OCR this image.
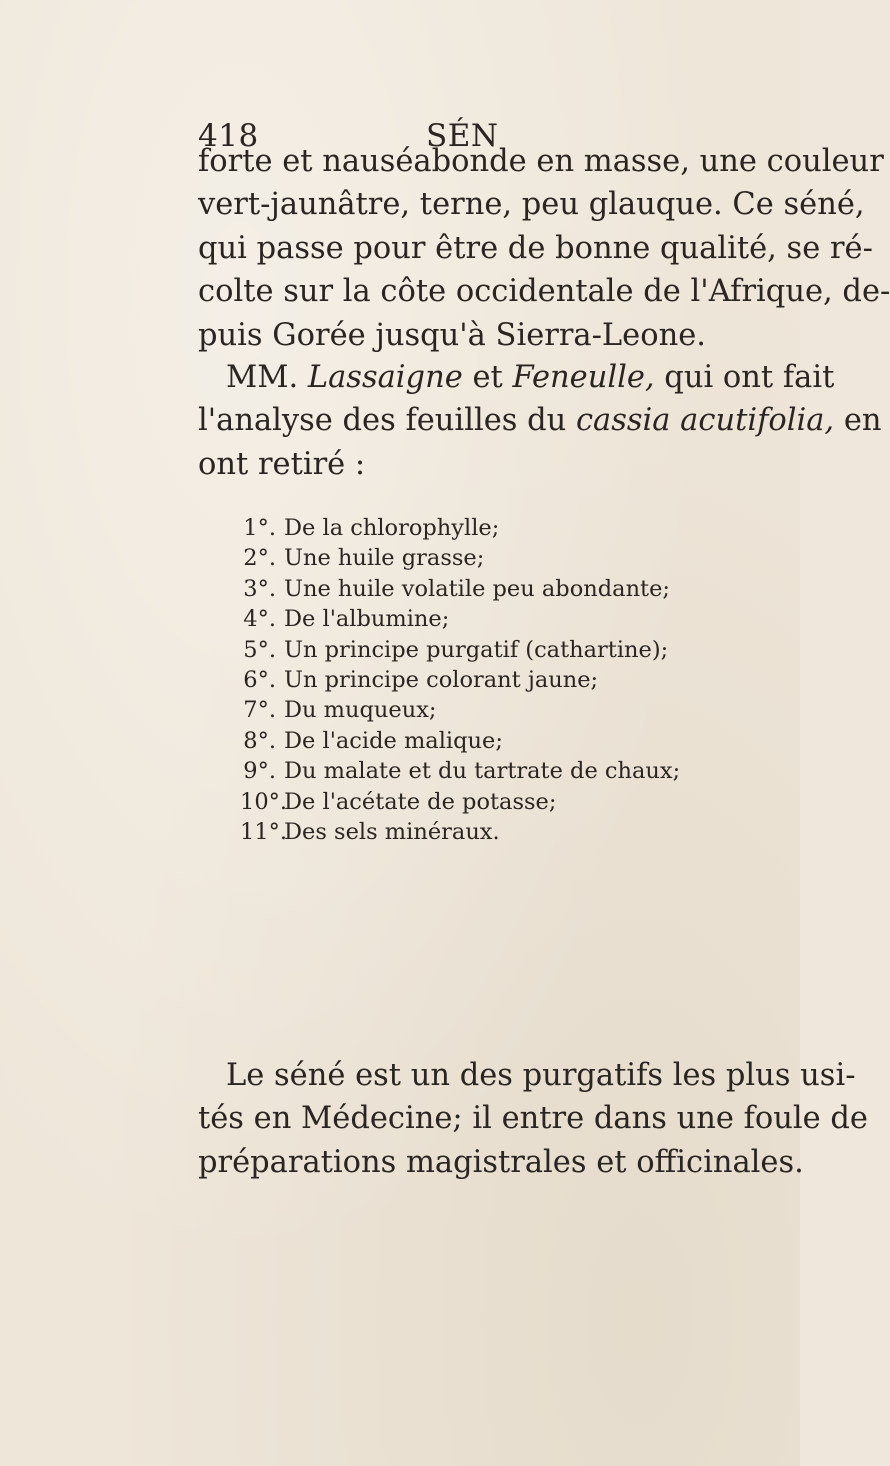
418	SÉN
forte et nauséabonde en masse, une couleur
vert-jaunâtre, terne, peu glauque. Ce séné,
qui passe pour être de bonne qualité, se ré-
colte sur la côte occidentale de l'Afrique, de-
puis Gorée jusqu'à Sierra-Leone.
MM. Lassaigne et Feneulle, qui ont fait
l'analyse des feuilles du cassia acutifolia, en
ont retiré :
1°. De la chlorophylle;
2°. Une huile grasse;
3°. Une huile volatile peu abondante;
4°. De l'albumine;
5°. Un principe purgatif (cathartine);
6°. Un principe colorant jaune;
7°. Du muqueux;
8°. De l'acide malique;
9°. Du malate et du tartrate de chaux;
10°.De l'acétate de potasse;
11°.Des sels minéraux.
Le séné est un des purgatifs les plus usi-
tés en Médecine; il entre dans une foule de
préparations magistrales et officinales.
